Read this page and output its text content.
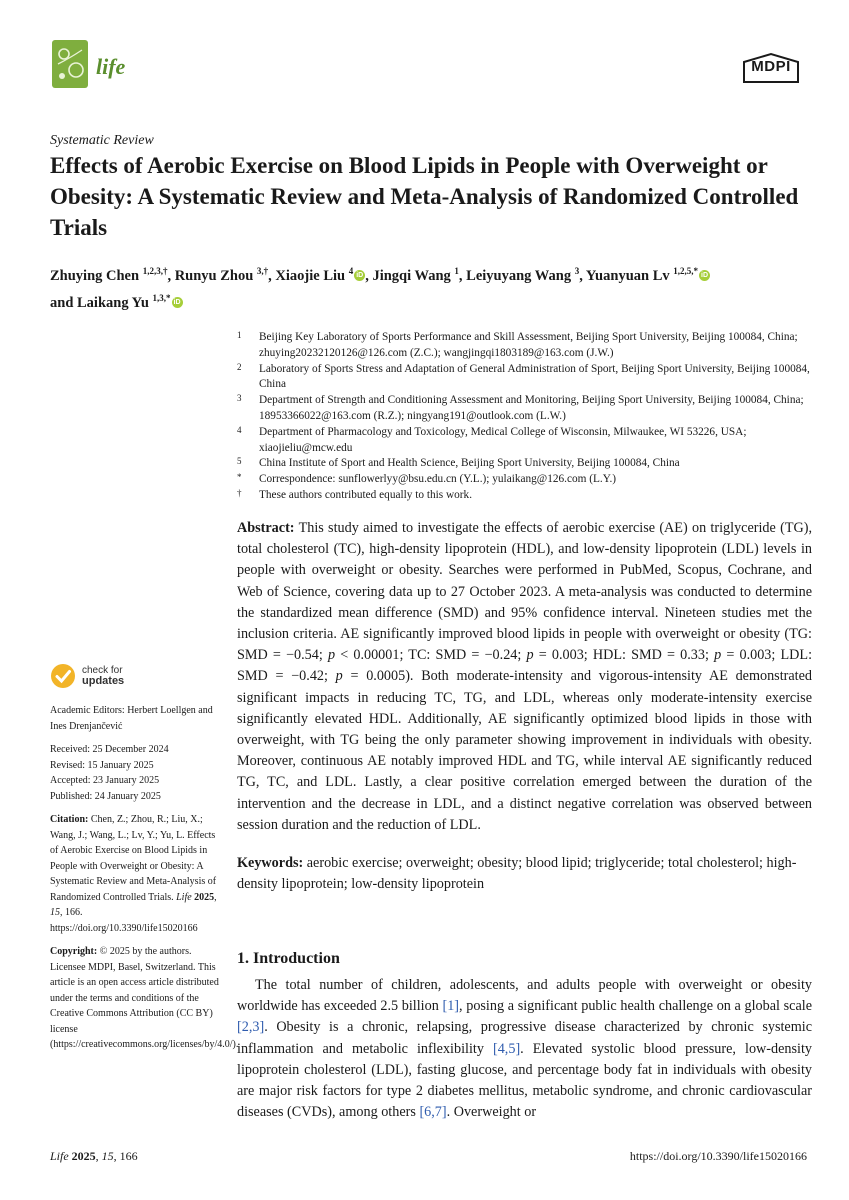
life	MDPI
Systematic Review
Effects of Aerobic Exercise on Blood Lipids in People with Overweight or Obesity: A Systematic Review and Meta-Analysis of Randomized Controlled Trials
Zhuying Chen $^{1,2,3,\dagger}$, Runyu Zhou $^{3,\dagger}$, Xiaojie Liu $^4$ iD , Jingqi Wang $^1$, Leiyuyang Wang $^3$, Yuanyuan Lv $^{1,2,5,*}$ iD
and Laikang Yu $^{1,3,*}$ iD
1 Beijing Key Laboratory of Sports Performance and Skill Assessment, Beijing Sport University, Beijing 100084, China; zhuying20232120126@126.com (Z.C.); wangjingqi1803189@163.com (J.W.)
2 Laboratory of Sports Stress and Adaptation of General Administration of Sport, Beijing Sport University, Beijing 100084, China
3 Department of Strength and Conditioning Assessment and Monitoring, Beijing Sport University, Beijing 100084, China; 18953366022@163.com (R.Z.); ningyang191@outlook.com (L.W.)
4 Department of Pharmacology and Toxicology, Medical College of Wisconsin, Milwaukee, WI 53226, USA; xiaojieliu@mcw.edu
5 China Institute of Sport and Health Science, Beijing Sport University, Beijing 100084, China
* Correspondence: sunflowerlyy@bsu.edu.cn (Y.L.); yulaikang@126.com (L.Y.)
† These authors contributed equally to this work.
check for
updates
Academic Editors: Herbert Loellgen and Ines Drenjančević
Received: 25 December 2024
Revised: 15 January 2025
Accepted: 23 January 2025
Published: 24 January 2025
Citation: Chen, Z.; Zhou, R.; Liu, X.; Wang, J.; Wang, L.; Lv, Y.; Yu, L. Effects of Aerobic Exercise on Blood Lipids in People with Overweight or Obesity: A Systematic Review and Meta-Analysis of Randomized Controlled Trials. Life 2025, 15, 166. https://doi.org/10.3390/life15020166
Copyright: © 2025 by the authors. Licensee MDPI, Basel, Switzerland. This article is an open access article distributed under the terms and conditions of the Creative Commons Attribution (CC BY) license (https://creativecommons.org/licenses/by/4.0/).
Abstract: This study aimed to investigate the effects of aerobic exercise (AE) on triglyceride (TG), total cholesterol (TC), high-density lipoprotein (HDL), and low-density lipoprotein (LDL) levels in people with overweight or obesity. Searches were performed in PubMed, Scopus, Cochrane, and Web of Science, covering data up to 27 October 2023. A meta-analysis was conducted to determine the standardized mean difference (SMD) and 95% confidence interval. Nineteen studies met the inclusion criteria. AE significantly improved blood lipids in people with overweight or obesity (TG: SMD = −0.54; p < 0.00001; TC: SMD = −0.24; p = 0.003; HDL: SMD = 0.33; p = 0.003; LDL: SMD = −0.42; p = 0.0005). Both moderate-intensity and vigorous-intensity AE demonstrated significant impacts in reducing TC, TG, and LDL, whereas only moderate-intensity exercise significantly elevated HDL. Additionally, AE significantly optimized blood lipids in those with overweight, with TG being the only parameter showing improvement in individuals with obesity. Moreover, continuous AE notably improved HDL and TG, while interval AE significantly reduced TG, TC, and LDL. Lastly, a clear positive correlation emerged between the duration of the intervention and the decrease in LDL, and a distinct negative correlation was observed between session duration and the reduction of LDL.
Keywords: aerobic exercise; overweight; obesity; blood lipid; triglyceride; total cholesterol; high-density lipoprotein; low-density lipoprotein
1. Introduction
The total number of children, adolescents, and adults people with overweight or obesity worldwide has exceeded 2.5 billion [1], posing a significant public health challenge on a global scale [2,3]. Obesity is a chronic, relapsing, progressive disease characterized by chronic systemic inflammation and metabolic inflexibility [4,5]. Elevated systolic blood pressure, low-density lipoprotein cholesterol (LDL), fasting glucose, and percentage body fat in individuals with obesity are major risk factors for type 2 diabetes mellitus, metabolic syndrome, and chronic cardiovascular diseases (CVDs), among others [6,7]. Overweight or
Life 2025, 15, 166	https://doi.org/10.3390/life15020166
